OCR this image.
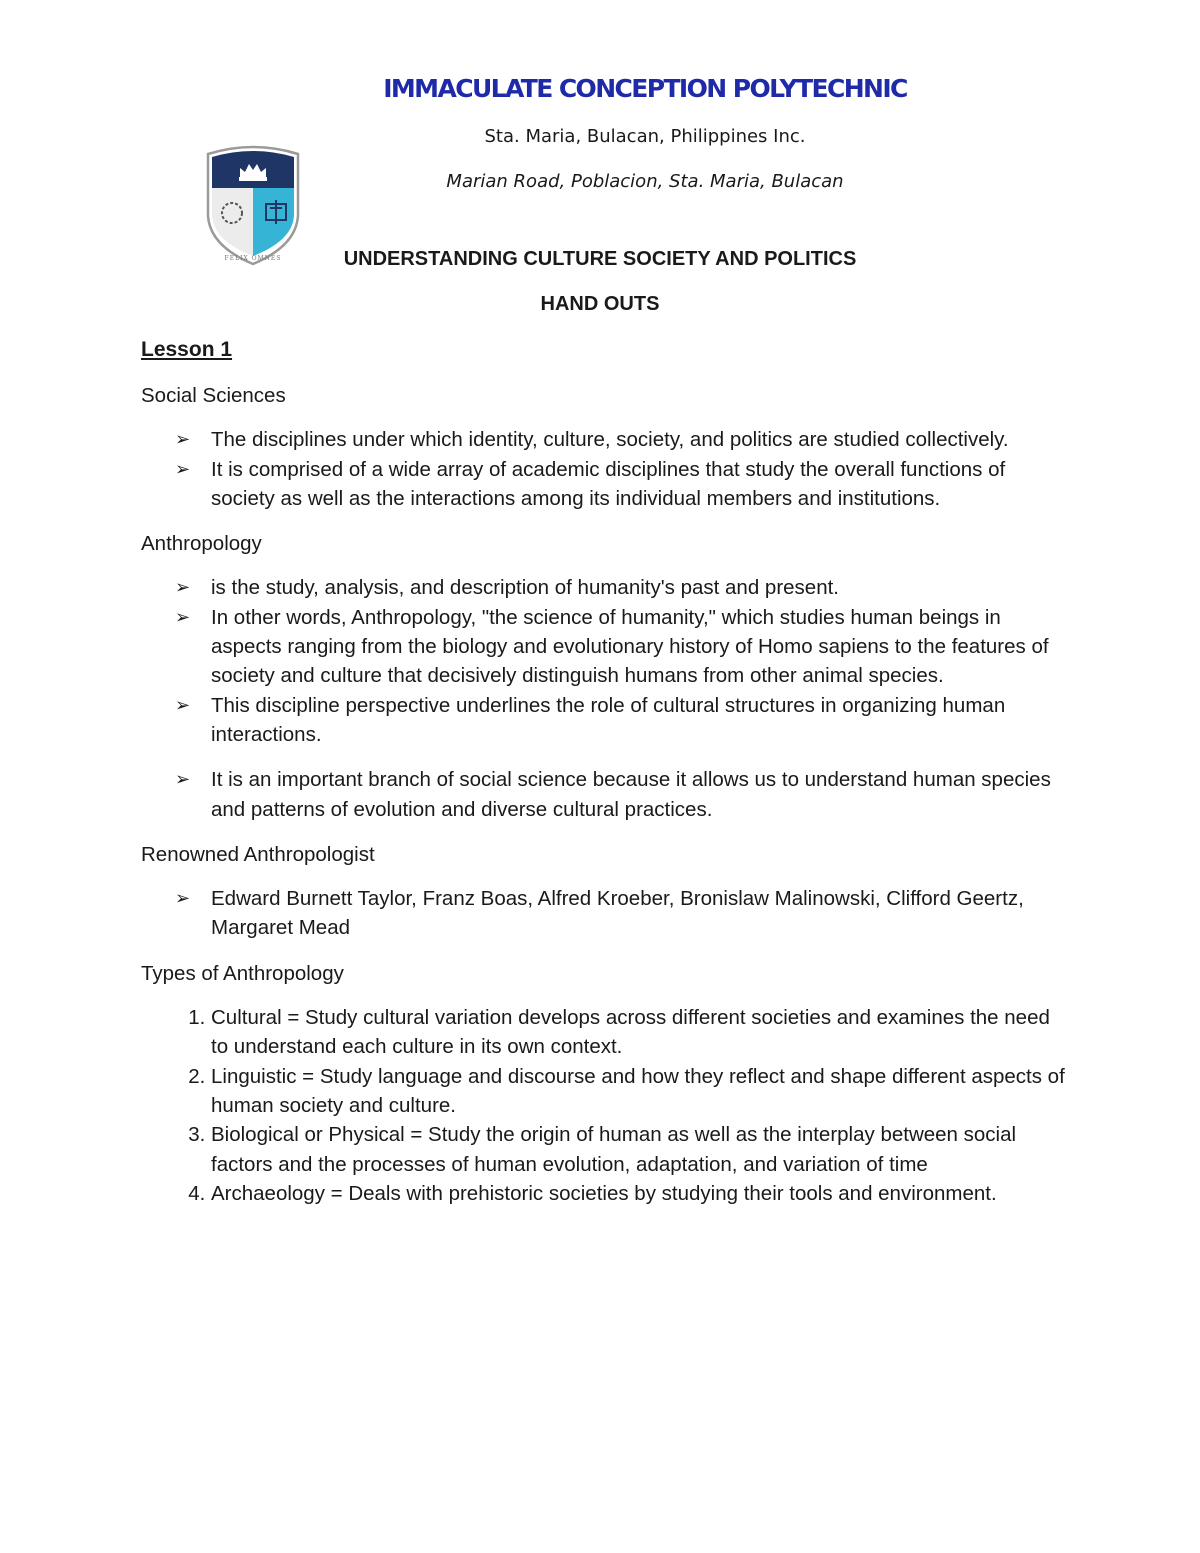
FELIX OMNES
IMMACULATE CONCEPTION POLYTECHNIC
Sta. Maria, Bulacan, Philippines Inc.
Marian Road, Poblacion, Sta. Maria, Bulacan
UNDERSTANDING CULTURE SOCIETY AND POLITICS
HAND OUTS
Lesson 1

Social Sciences

➢ The disciplines under which identity, culture, society, and politics are studied collectively.
➢ It is comprised of a wide array of academic disciplines that study the overall functions of society as well as the interactions among its individual members and institutions.

Anthropology

➢ is the study, analysis, and description of humanity's past and present.
➢ In other words, Anthropology, "the science of humanity," which studies human beings in aspects ranging from the biology and evolutionary history of Homo sapiens to the features of society and culture that decisively distinguish humans from other animal species.
➢ This discipline perspective underlines the role of cultural structures in organizing human interactions.
➢ It is an important branch of social science because it allows us to understand human species and patterns of evolution and diverse cultural practices.

Renowned Anthropologist

➢ Edward Burnett Taylor, Franz Boas, Alfred Kroeber, Bronislaw Malinowski, Clifford Geertz, Margaret Mead

Types of Anthropology

1. Cultural = Study cultural variation develops across different societies and examines the need to understand each culture in its own context.
2. Linguistic = Study language and discourse and how they reflect and shape different aspects of human society and culture.
3. Biological or Physical = Study the origin of human as well as the interplay between social factors and the processes of human evolution, adaptation, and variation of time
4. Archaeology = Deals with prehistoric societies by studying their tools and environment.
